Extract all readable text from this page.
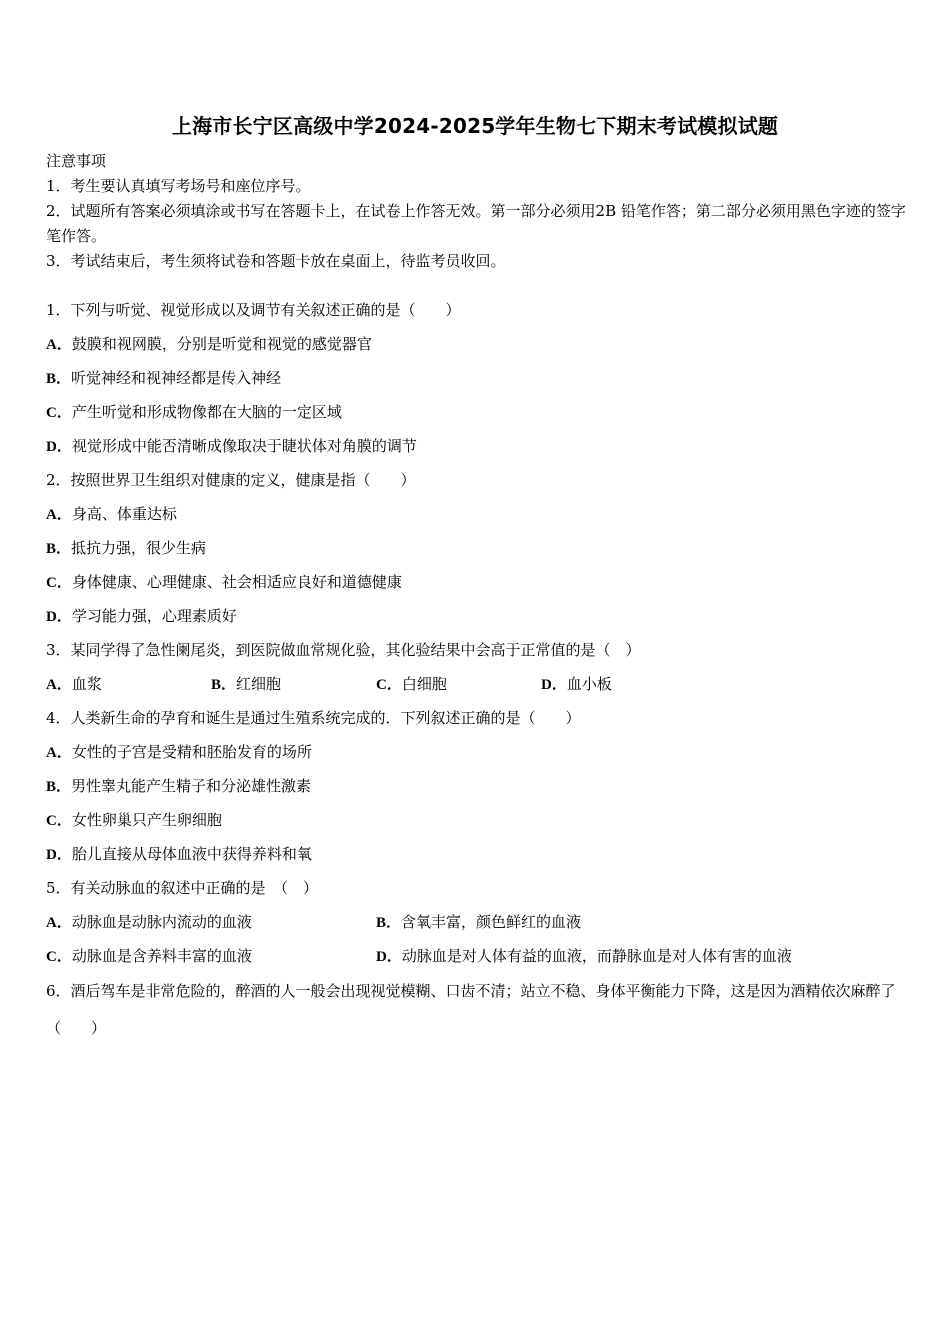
上海市长宁区高级中学2024-2025学年生物七下期末考试模拟试题
注意事项
1．考生要认真填写考场号和座位序号。
2．试题所有答案必须填涂或书写在答题卡上，在试卷上作答无效。第一部分必须用2B 铅笔作答；第二部分必须用黑色字迹的签字笔作答。
3．考试结束后，考生须将试卷和答题卡放在桌面上，待监考员收回。
1．下列与听觉、视觉形成以及调节有关叙述正确的是（　　）
A．鼓膜和视网膜，分别是听觉和视觉的感觉器官
B．听觉神经和视神经都是传入神经
C．产生听觉和形成物像都在大脑的一定区域
D．视觉形成中能否清晰成像取决于睫状体对角膜的调节
2．按照世界卫生组织对健康的定义，健康是指（　　）
A．身高、体重达标
B．抵抗力强，很少生病
C．身体健康、心理健康、社会相适应良好和道德健康
D．学习能力强，心理素质好
3．某同学得了急性阑尾炎，到医院做血常规化验，其化验结果中会高于正常值的是（　）
A．血浆	B．红细胞	C．白细胞	D．血小板
4．人类新生命的孕育和诞生是通过生殖系统完成的．下列叙述正确的是（　　）
A．女性的子宫是受精和胚胎发育的场所
B．男性睾丸能产生精子和分泌雄性激素
C．女性卵巢只产生卵细胞
D．胎儿直接从母体血液中获得养料和氧
5．有关动脉血的叙述中正确的是　（　）
A．动脉血是动脉内流动的血液	B．含氧丰富，颜色鲜红的血液
C．动脉血是含养料丰富的血液	D．动脉血是对人体有益的血液，而静脉血是对人体有害的血液
6．酒后驾车是非常危险的，醉酒的人一般会出现视觉模糊、口齿不清；站立不稳、身体平衡能力下降，这是因为酒精依次麻醉了（　　）
